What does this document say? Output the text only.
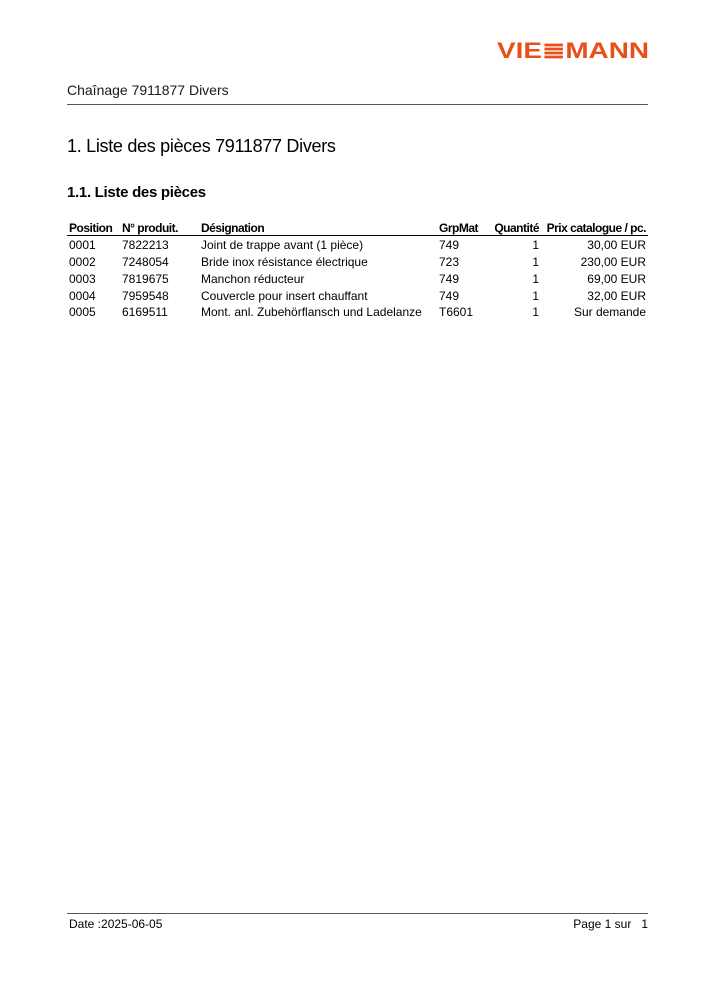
VIE≣MANN
Chaînage 7911877 Divers
1. Liste des pièces 7911877 Divers
1.1. Liste des pièces
Position	N° produit.	Désignation	GrpMat	Quantité	Prix catalogue / pc.
0001	7822213	Joint de trappe avant (1 pièce)	749	1	30,00 EUR
0002	7248054	Bride inox résistance électrique	723	1	230,00 EUR
0003	7819675	Manchon réducteur	749	1	69,00 EUR
0004	7959548	Couvercle pour insert chauffant	749	1	32,00 EUR
0005	6169511	Mont. anl. Zubehörflansch und Ladelanze	T6601	1	Sur demande
Date :2025-06-05	Page 1 sur   1
